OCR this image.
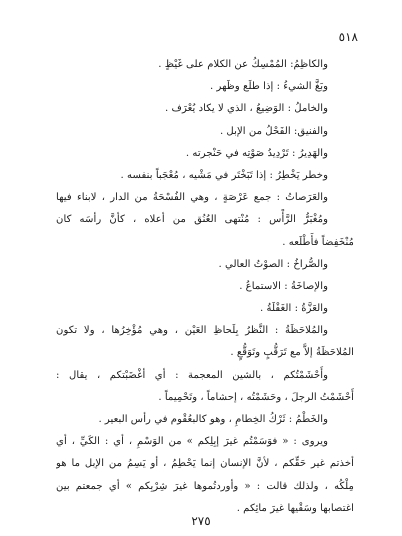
٥١٨
والكاظِمُ: المُمْسِكُ عن الكلام على غَيْظٍ .
وبَغَّ الشيءُ : إذا طلَع وظَهر .
والخاملُ : الوَضِيعُ ، الذي لا يكاد يُعْرَف .
والفنيق: الفَحْلُ من الإبل .
والهَدِيرُ : تَرْدِيدُ صَوْتِه في حَنْجرته .
وخطر يَخْطِرُ : إذا تَبَخْتَر في مَشْيه ، مُعْجَباً بنفسه .
والعَرَصاتُ : جمع عَرْصَةٍ ، وهي الفُسْحَةُ من الدار ، لابناء فيها
ومُغْبَرُّ الرَّأْس : مُنْتهى العُنُق من أعلاه ، كأنَّ رأسَه كان
مُنْخَفِضاً فأَطْلَعه .
والصُّراخُ : الصوْتُ العالي .
والإصاخَةُ : الاستماعُ .
والعَزَّةُ : الغَفْلَةُ .
والمُلاحَظَةُ : النَّظرُ بِلَحاظِ العَيْن ، وهي مُؤْخِرُها ، ولا تكون
المُلاحَظَةُ إلاَّ مع تَرَقُّبٍ وتَوَقُّعٍ .
وأَحْشَمْتُكم ، بالشين المعجمة : أي أغْضَبْتكم ، يقال :
أَحْشَمْتُ الرجلَ ، وحَشَمْتُه ، إحشاماً ، وتَحْمِيماً .
والخَطْمُ : ثَرْكُ الخِطامِ ، وهو كالبعُقْوم في رأس البعير .
ويروى : « فوَسَمْتُم غيرَ إبِلِكم » من الوَسْمِ ، أي : الكَيِّ ، أي
أخذتم غير حَقِّكم ، لأنَّ الإنسان إنما يَحْطِمُ ، أو يَسِمُ من الإبل ما هو
مِلْكُه ، ولذلك قالت : « وأوردتُموها غيرَ شِرْبِكم » أي جمعتم بين
اغتصابها وسَقْيها غيرَ مائِكم .
٢٧٥
